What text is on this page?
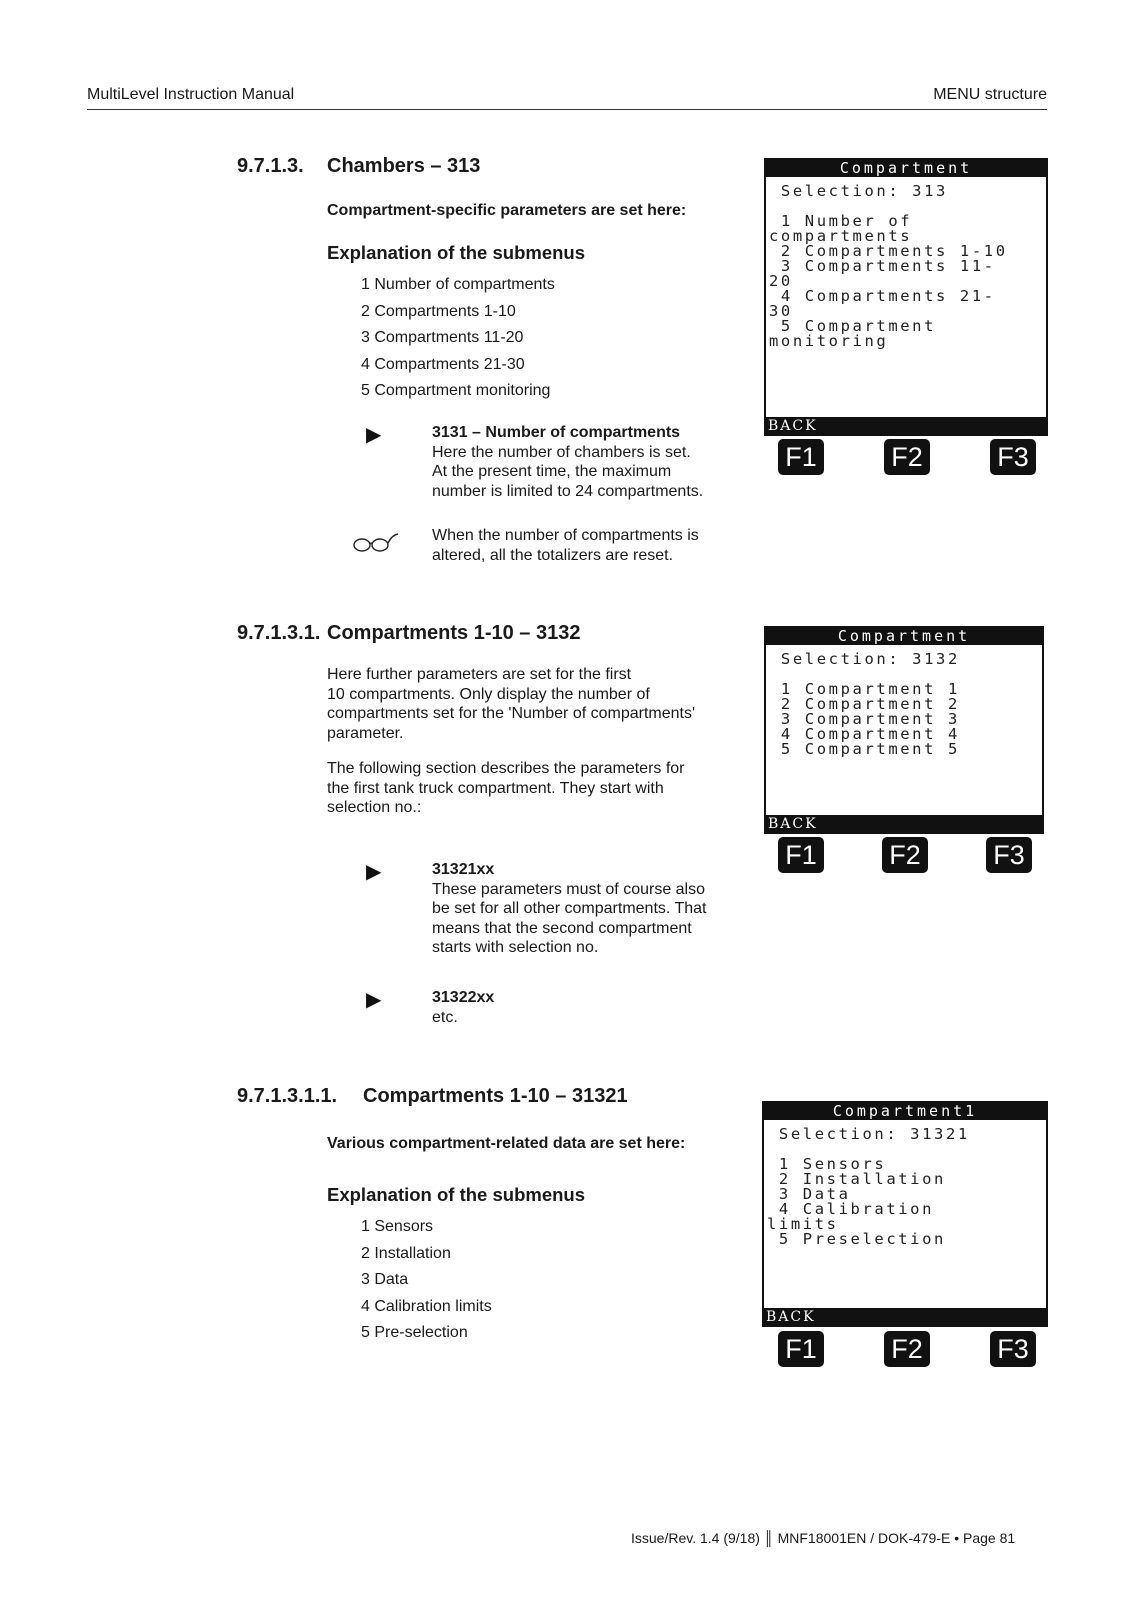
MultiLevel Instruction Manual	MENU structure
9.7.1.3. Chambers – 313
Compartment-specific parameters are set here:
Explanation of the submenus
1 Number of compartments
2 Compartments 1-10
3 Compartments 11-20
4 Compartments 21-30
5 Compartment monitoring
▶	3131 – Number of compartments
Here the number of chambers is set.
At the present time, the maximum
number is limited to 24 compartments.
When the number of compartments is
altered, all the totalizers are reset.
Compartment
Selection: 313

1 Number of
compartments
2 Compartments 1-10
3 Compartments 11-
20
4 Compartments 21-
30
5 Compartment
monitoring
BACK
F1	F2	F3
9.7.1.3.1. Compartments 1-10 – 3132
Here further parameters are set for the first
10 compartments. Only display the number of
compartments set for the 'Number of compartments'
parameter.
The following section describes the parameters for
the first tank truck compartment. They start with
selection no.:
▶	31321xx
These parameters must of course also
be set for all other compartments. That
means that the second compartment
starts with selection no.
▶	31322xx
etc.
Compartment
Selection: 3132

1 Compartment 1
2 Compartment 2
3 Compartment 3
4 Compartment 4
5 Compartment 5
BACK
F1	F2	F3
9.7.1.3.1.1. Compartments 1-10 – 31321
Various compartment-related data are set here:
Explanation of the submenus
1 Sensors
2 Installation
3 Data
4 Calibration limits
5 Pre-selection
Compartment1
Selection: 31321

1 Sensors
2 Installation
3 Data
4 Calibration
limits
5 Preselection
BACK
F1	F2	F3
Issue/Rev. 1.4 (9/18) ║ MNF18001EN / DOK-479-E • Page 81
